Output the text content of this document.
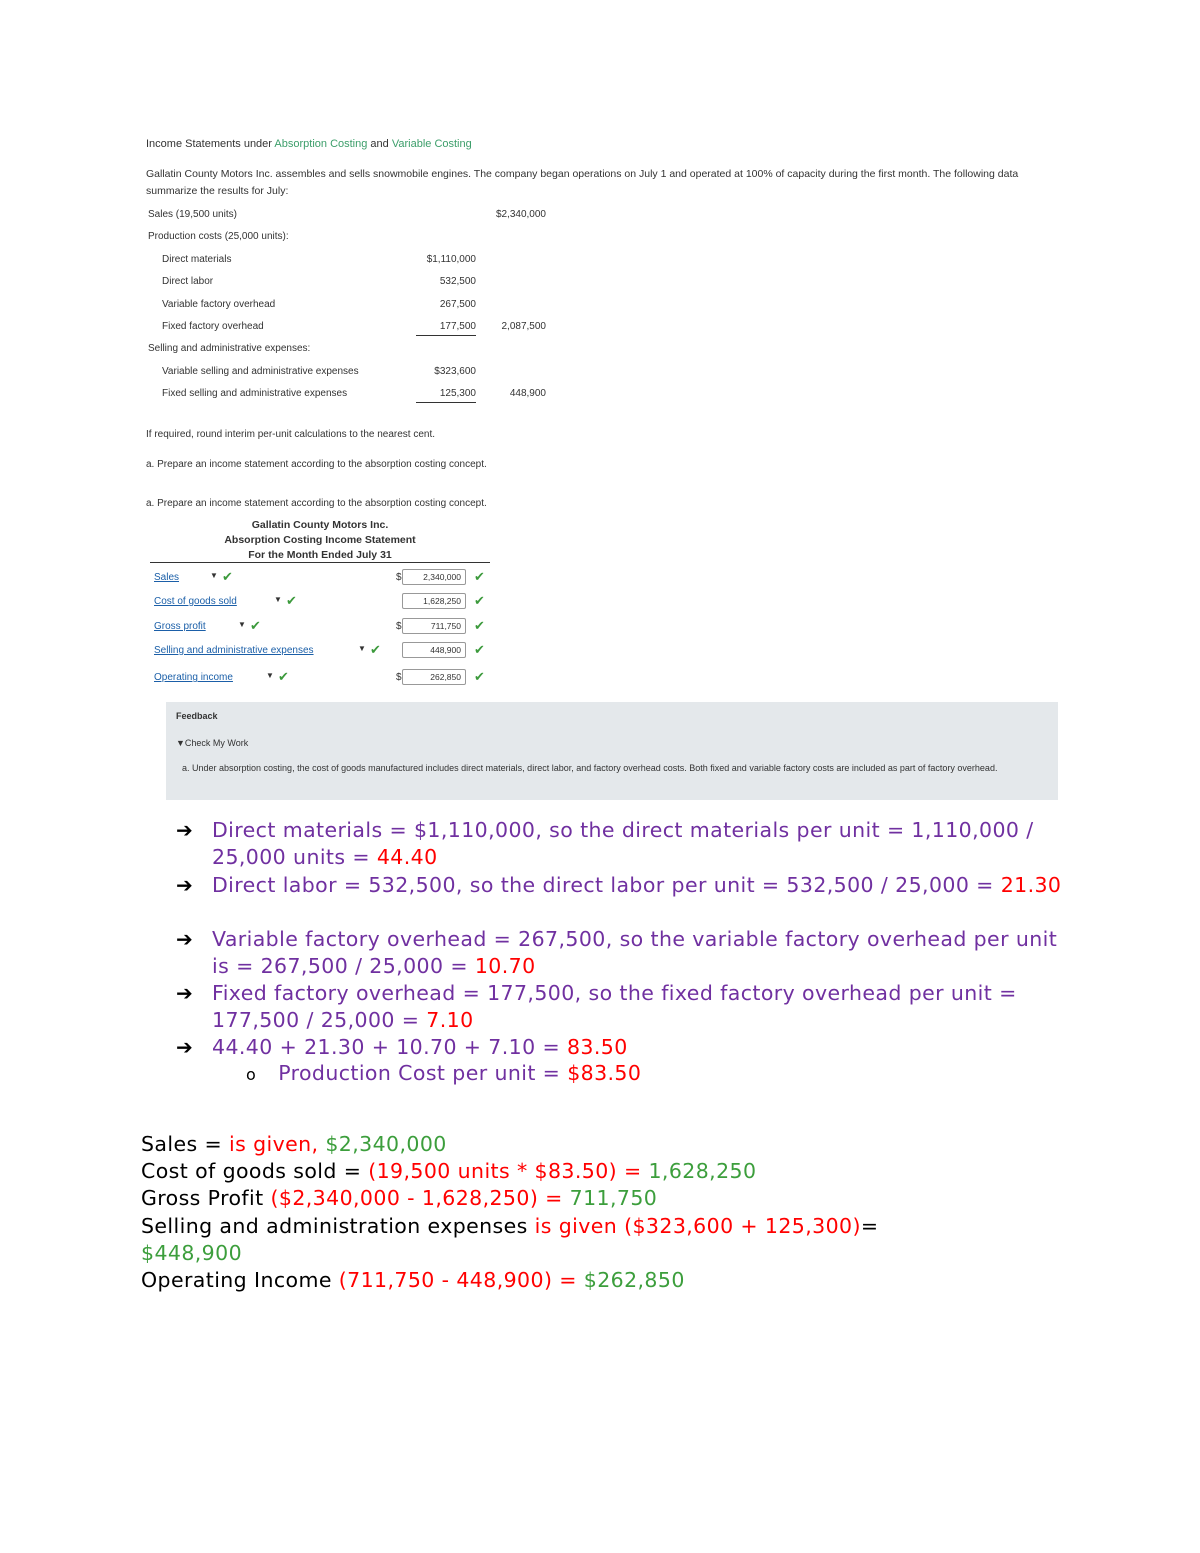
Income Statements under Absorption Costing and Variable Costing
Gallatin County Motors Inc. assembles and sells snowmobile engines. The company began operations on July 1 and operated at 100% of capacity during the first month. The following data summarize the results for July:
Sales (19,500 units)	$2,340,000
Production costs (25,000 units):
Direct materials	$1,110,000
Direct labor	532,500
Variable factory overhead	267,500
Fixed factory overhead	177,500	2,087,500
Selling and administrative expenses:
Variable selling and administrative expenses	$323,600
Fixed selling and administrative expenses	125,300	448,900
If required, round interim per-unit calculations to the nearest cent.
a. Prepare an income statement according to the absorption costing concept.
a. Prepare an income statement according to the absorption costing concept.
Gallatin County Motors Inc.
Absorption Costing Income Statement
For the Month Ended July 31
Sales	▼ ✔	$	2,340,000	✔
Cost of goods sold	▼ ✔	1,628,250	✔
Gross profit	▼ ✔	$	711,750	✔
Selling and administrative expenses	▼ ✔	448,900	✔
Operating income	▼ ✔	$	262,850	✔
Feedback
▼Check My Work
a. Under absorption costing, the cost of goods manufactured includes direct materials, direct labor, and factory overhead costs. Both fixed and variable factory costs are included as part of factory overhead.
➔ Direct materials = $1,110,000, so the direct materials per unit = 1,110,000 / 25,000 units = 44.40
➔ Direct labor = 532,500, so the direct labor per unit = 532,500 / 25,000 = 21.30
➔ Variable factory overhead = 267,500, so the variable factory overhead per unit is = 267,500 / 25,000 = 10.70
➔ Fixed factory overhead = 177,500, so the fixed factory overhead per unit = 177,500 / 25,000 = 7.10
➔ 44.40 + 21.30 + 10.70 + 7.10 = 83.50
o Production Cost per unit = $83.50
Sales = is given, $2,340,000
Cost of goods sold = (19,500 units * $83.50) = 1,628,250
Gross Profit ($2,340,000 - 1,628,250) = 711,750
Selling and administration expenses is given ($323,600 + 125,300)=
$448,900
Operating Income (711,750 - 448,900) = $262,850
